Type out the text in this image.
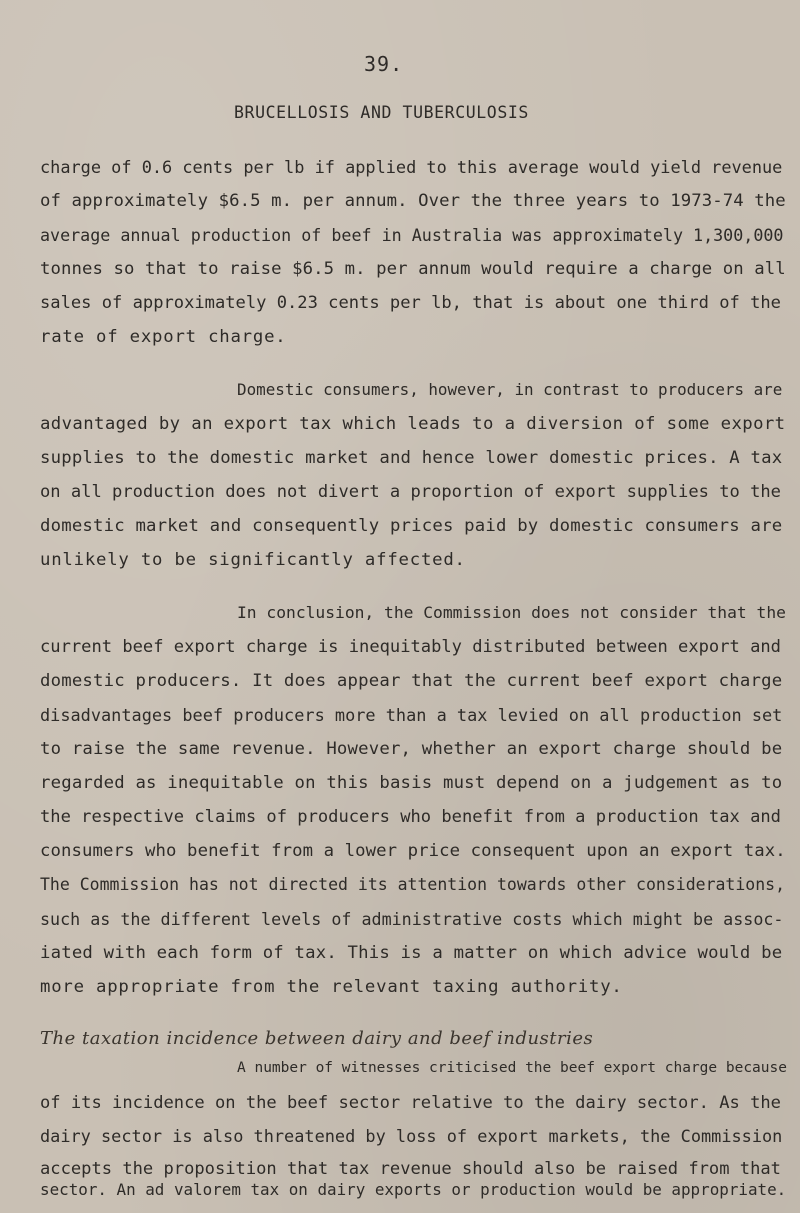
39.
BRUCELLOSIS AND TUBERCULOSIS

charge of 0.6 cents per lb if applied to this average would yield revenue

of approximately $6.5 m. per annum. Over the three years to 1973-74 the

average annual production of beef in Australia was approximately 1,300,000

tonnes so that to raise $6.5 m. per annum would require a charge on all

sales of approximately 0.23 cents per lb, that is about one third of the

rate of export charge.

Domestic consumers, however, in contrast to producers are

advantaged by an export tax which leads to a diversion of some export

supplies to the domestic market and hence lower domestic prices. A tax

on all production does not divert a proportion of export supplies to the

domestic market and consequently prices paid by domestic consumers are

unlikely to be significantly affected.

In conclusion, the Commission does not consider that the

current beef export charge is inequitably distributed between export and

domestic producers. It does appear that the current beef export charge

disadvantages beef producers more than a tax levied on all production set

to raise the same revenue. However, whether an export charge should be

regarded as inequitable on this basis must depend on a judgement as to

the respective claims of producers who benefit from a production tax and

consumers who benefit from a lower price consequent upon an export tax.

The Commission has not directed its attention towards other considerations,

such as the different levels of administrative costs which might be assoc-

iated with each form of tax. This is a matter on which advice would be

more appropriate from the relevant taxing authority.

The taxation incidence between dairy and beef industries

A number of witnesses criticised the beef export charge because

of its incidence on the beef sector relative to the dairy sector. As the

dairy sector is also threatened by loss of export markets, the Commission

accepts the proposition that tax revenue should also be raised from that

sector. An ad valorem tax on dairy exports or production would be appropriate.
